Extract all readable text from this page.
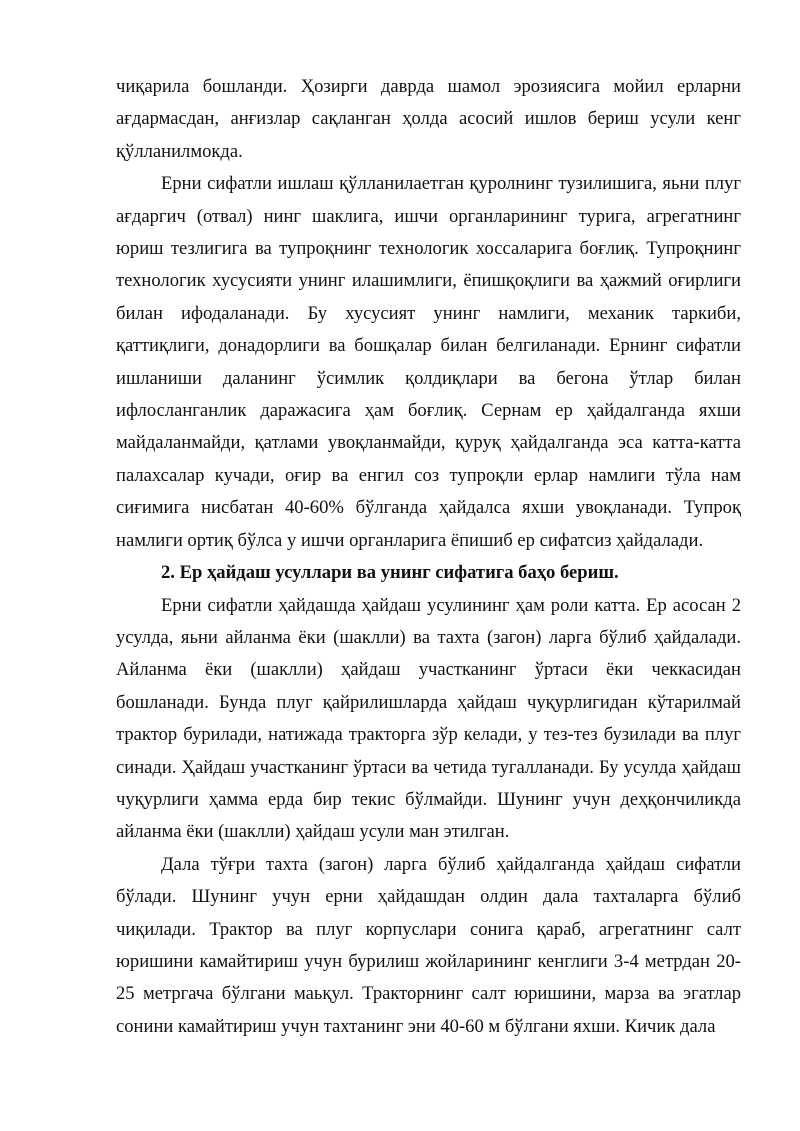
чиқарила бошланди. Ҳозирги даврда шамол эрозиясига мойил ерларни ағдармасдан, анғизлар сақланган ҳолда асосий ишлов бериш усули кенг қўлланилмокда.

Ерни сифатли ишлаш қўлланилаетган қуролнинг тузилишига, яьни плуг ағдаргич (отвал) нинг шаклига, ишчи органларининг турига, агрегатнинг юриш тезлигига ва тупроқнинг технологик хоссаларига боғлиқ. Тупроқнинг технологик хусусияти унинг илашимлиги, ёпишқоқлиги ва ҳажмий оғирлиги билан ифодаланади. Бу хусусият унинг намлиги, механик таркиби, қаттиқлиги, донадорлиги ва бошқалар билан белгиланади. Ернинг сифатли ишланиши даланинг ўсимлик қолдиқлари ва бегона ўтлар билан ифлосланганлик даражасига ҳам боғлиқ. Сернам ер ҳайдалганда яхши майдаланмайди, қатлами увоқланмайди, қуруқ ҳайдалганда эса катта-катта палахсалар кучади, оғир ва енгил соз тупроқли ерлар намлиги тўла нам сиғимига нисбатан 40-60% бўлганда ҳайдалса яхши увоқланади. Тупроқ намлиги ортиқ бўлса у ишчи органларига ёпишиб ер сифатсиз ҳайдалади.

2. Ер ҳайдаш усуллари ва унинг сифатига баҳо бериш.

Ерни сифатли ҳайдашда ҳайдаш усулининг ҳам роли катта. Ер асосан 2 усулда, яьни айланма ёки (шаклли) ва тахта (загон) ларга бўлиб ҳайдалади. Айланма ёки (шаклли) ҳайдаш участканинг ўртаси ёки чеккасидан бошланади. Бунда плуг қайрилишларда ҳайдаш чуқурлигидан кўтарилмай трактор бурилади, натижада тракторга зўр келади, у тез-тез бузилади ва плуг синади. Ҳайдаш участканинг ўртаси ва четида тугалланади. Бу усулда ҳайдаш чуқурлиги ҳамма ерда бир текис бўлмайди. Шунинг учун деҳқончиликда айланма ёки (шаклли) ҳайдаш усули ман этилган.

Дала тўғри тахта (загон) ларга бўлиб ҳайдалганда ҳайдаш сифатли бўлади. Шунинг учун ерни ҳайдашдан олдин дала тахталарга бўлиб чиқилади. Трактор ва плуг корпуслари сонига қараб, агрегатнинг салт юришини камайтириш учун бурилиш жойларининг кенглиги 3-4 метрдан 20-25 метргача бўлгани маьқул. Тракторнинг салт юришини, марза ва эгатлар сонини камайтириш учун тахтанинг эни 40-60 м бўлгани яхши. Кичик дала
